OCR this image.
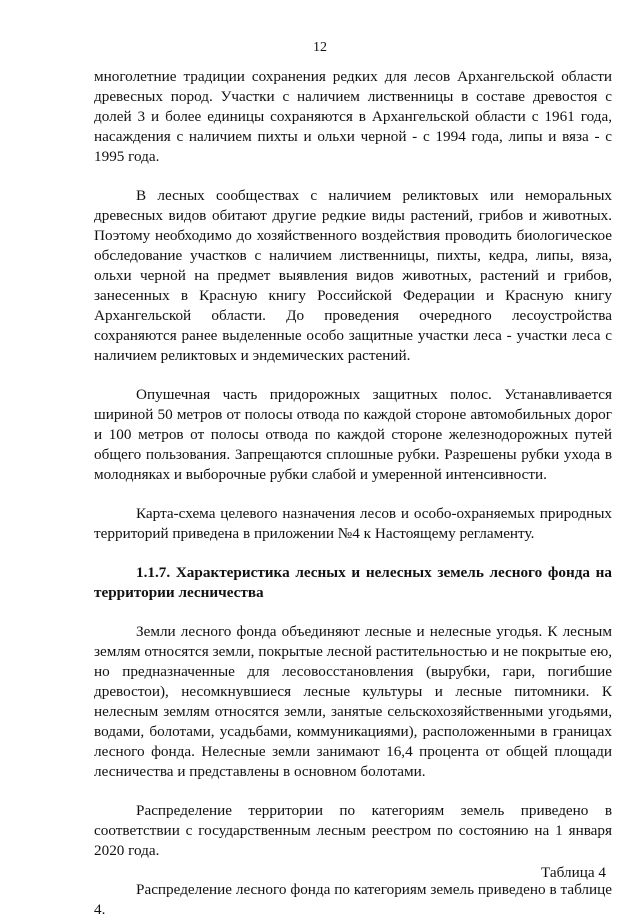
12

многолетние традиции сохранения редких для лесов Архангельской области древесных пород. Участки с наличием лиственницы в составе древостоя с долей 3 и более единицы сохраняются в Архангельской области с 1961 года, насаждения с наличием пихты и ольхи черной - с 1994 года, липы и вяза - с 1995 года.

В лесных сообществах с наличием реликтовых или неморальных древесных видов обитают другие редкие виды растений, грибов и животных. Поэтому необходимо до хозяйственного воздействия проводить биологическое обследование участков с наличием лиственницы, пихты, кедра, липы, вяза, ольхи черной на предмет выявления видов животных, растений и грибов, занесенных в Красную книгу Российской Федерации и Красную книгу Архангельской области. До проведения очередного лесоустройства сохраняются ранее выделенные особо защитные участки леса - участки леса с наличием реликтовых и эндемических растений.

Опушечная часть придорожных защитных полос. Устанавливается шириной 50 метров от полосы отвода по каждой стороне автомобильных дорог и 100 метров от полосы отвода по каждой стороне железнодорожных путей общего пользования. Запрещаются сплошные рубки. Разрешены рубки ухода в молодняках и выборочные рубки слабой и умеренной интенсивности.

Карта-схема целевого назначения лесов и особо-охраняемых природных территорий приведена в приложении №4 к Настоящему регламенту.

1.1.7. Характеристика лесных и нелесных земель лесного фонда на территории лесничества

Земли лесного фонда объединяют лесные и нелесные угодья. К лесным землям относятся земли, покрытые лесной растительностью и не покрытые ею, но предназначенные для лесовосстановления (вырубки, гари, погибшие древостои), несомкнувшиеся лесные культуры и лесные питомники. К нелесным землям относятся земли, занятые сельскохозяйственными угодьями, водами, болотами, усадьбами, коммуникациями), расположенными в границах лесного фонда. Нелесные земли занимают 16,4 процента от общей площади лесничества и представлены в основном болотами.

Распределение территории по категориям земель приведено в соответствии с государственным лесным реестром по состоянию на 1 января 2020 года.

Распределение лесного фонда по категориям земель приведено в таблице 4.

Таблица 4
